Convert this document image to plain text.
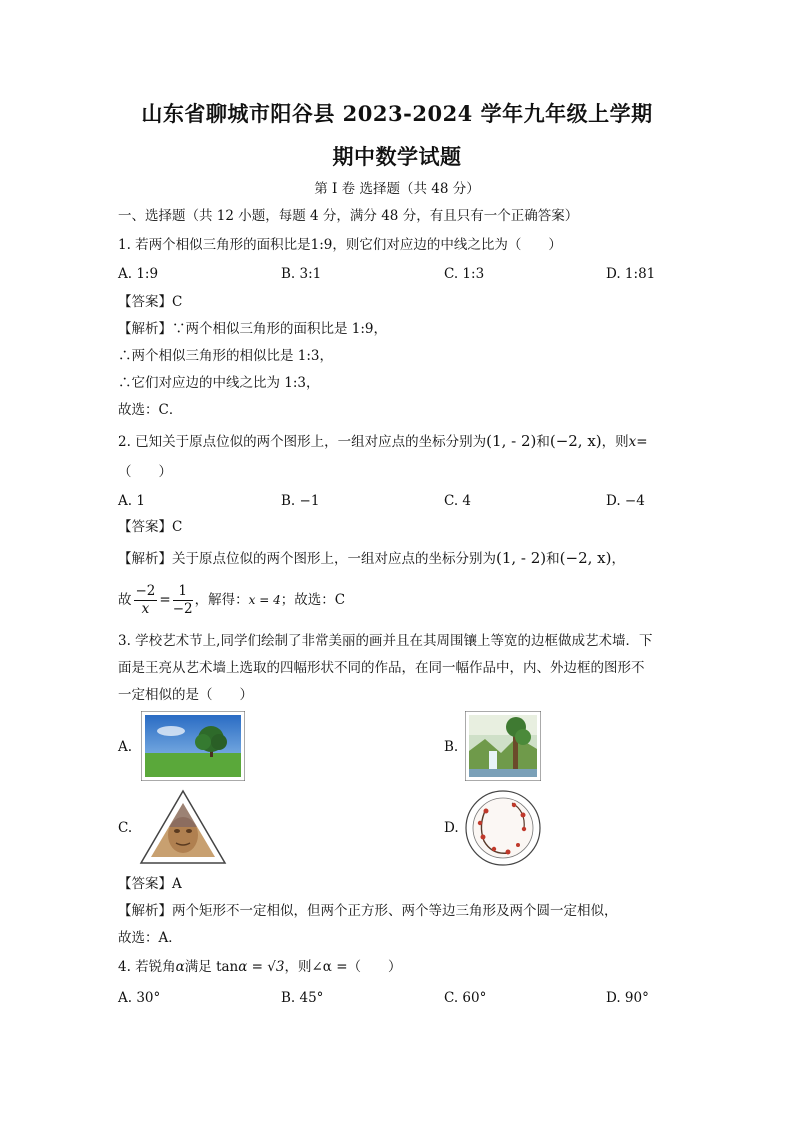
山东省聊城市阳谷县 2023-2024 学年九年级上学期
期中数学试题
第 I 卷 选择题（共 48 分）
一、选择题（共 12 小题，每题 4 分，满分 48 分，有且只有一个正确答案）
1. 若两个相似三角形的面积比是1:9，则它们对应边的中线之比为（　　）
A. 1:9	B. 3:1	C. 1:3	D. 1:81
【答案】C
【解析】∵两个相似三角形的面积比是 1:9，
∴两个相似三角形的相似比是 1:3，
∴它们对应边的中线之比为 1:3，
故选：C．
2. 已知关于原点位似的两个图形上，一组对应点的坐标分别为(1, - 2)和(−2, x)，则x=
（　　）
A. 1	B. −1	C. 4	D. −4
【答案】C
【解析】关于原点位似的两个图形上，一组对应点的坐标分别为(1, - 2)和(−2, x)，
故 $\frac{-2}{x} = \frac{1}{-2}$ ，解得：x = 4；故选：C
3. 学校艺术节上,同学们绘制了非常美丽的画并且在其周围镶上等宽的边框做成艺术墙．下
面是王亮从艺术墙上选取的四幅形状不同的作品，在同一幅作品中，内、外边框的图形不
一定相似的是（　　）
A.	B.
C.	D.
【答案】A
【解析】两个矩形不一定相似，但两个正方形、两个等边三角形及两个圆一定相似，
故选：A．
4. 若锐角α满足 tanα = √3，则∠α =（　　）
A. 30°	B. 45°	C. 60°	D. 90°
